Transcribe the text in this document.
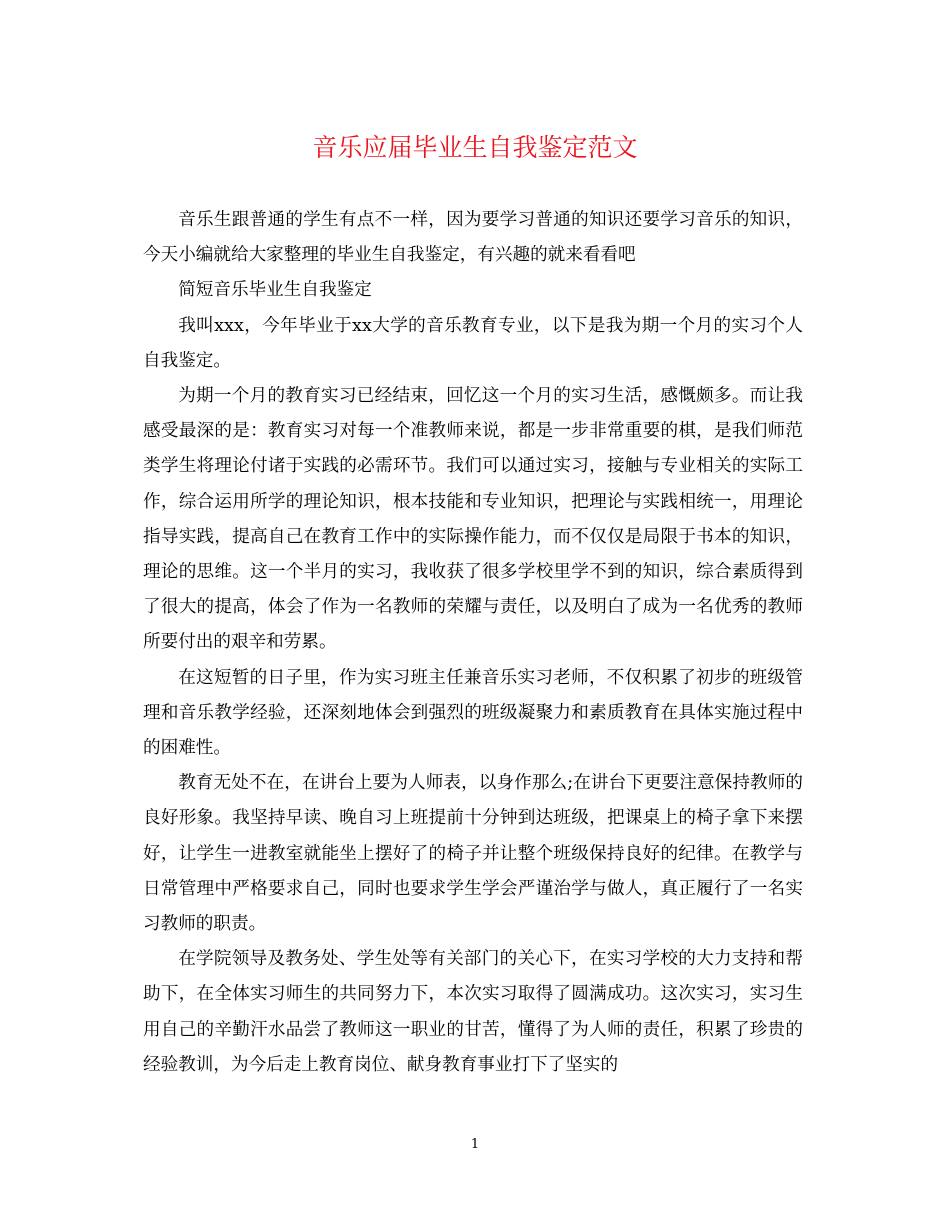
音乐应届毕业生自我鉴定范文

音乐生跟普通的学生有点不一样，因为要学习普通的知识还要学习音乐的知识，今天小编就给大家整理的毕业生自我鉴定，有兴趣的就来看看吧

简短音乐毕业生自我鉴定

我叫xxx，今年毕业于xx大学的音乐教育专业，以下是我为期一个月的实习个人自我鉴定。

为期一个月的教育实习已经结束，回忆这一个月的实习生活，感慨颇多。而让我感受最深的是：教育实习对每一个准教师来说，都是一步非常重要的棋，是我们师范类学生将理论付诸于实践的必需环节。我们可以通过实习，接触与专业相关的实际工作，综合运用所学的理论知识，根本技能和专业知识，把理论与实践相统一，用理论指导实践，提高自己在教育工作中的实际操作能力，而不仅仅是局限于书本的知识，理论的思维。这一个半月的实习，我收获了很多学校里学不到的知识，综合素质得到了很大的提高，体会了作为一名教师的荣耀与责任，以及明白了成为一名优秀的教师所要付出的艰辛和劳累。

在这短暂的日子里，作为实习班主任兼音乐实习老师，不仅积累了初步的班级管理和音乐教学经验，还深刻地体会到强烈的班级凝聚力和素质教育在具体实施过程中的困难性。

教育无处不在，在讲台上要为人师表，以身作那么;在讲台下更要注意保持教师的良好形象。我坚持早读、晚自习上班提前十分钟到达班级，把课桌上的椅子拿下来摆好，让学生一进教室就能坐上摆好了的椅子并让整个班级保持良好的纪律。在教学与日常管理中严格要求自己，同时也要求学生学会严谨治学与做人，真正履行了一名实习教师的职责。

在学院领导及教务处、学生处等有关部门的关心下，在实习学校的大力支持和帮助下，在全体实习师生的共同努力下，本次实习取得了圆满成功。这次实习，实习生用自己的辛勤汗水品尝了教师这一职业的甘苦，懂得了为人师的责任，积累了珍贵的经验教训，为今后走上教育岗位、献身教育事业打下了坚实的

1
